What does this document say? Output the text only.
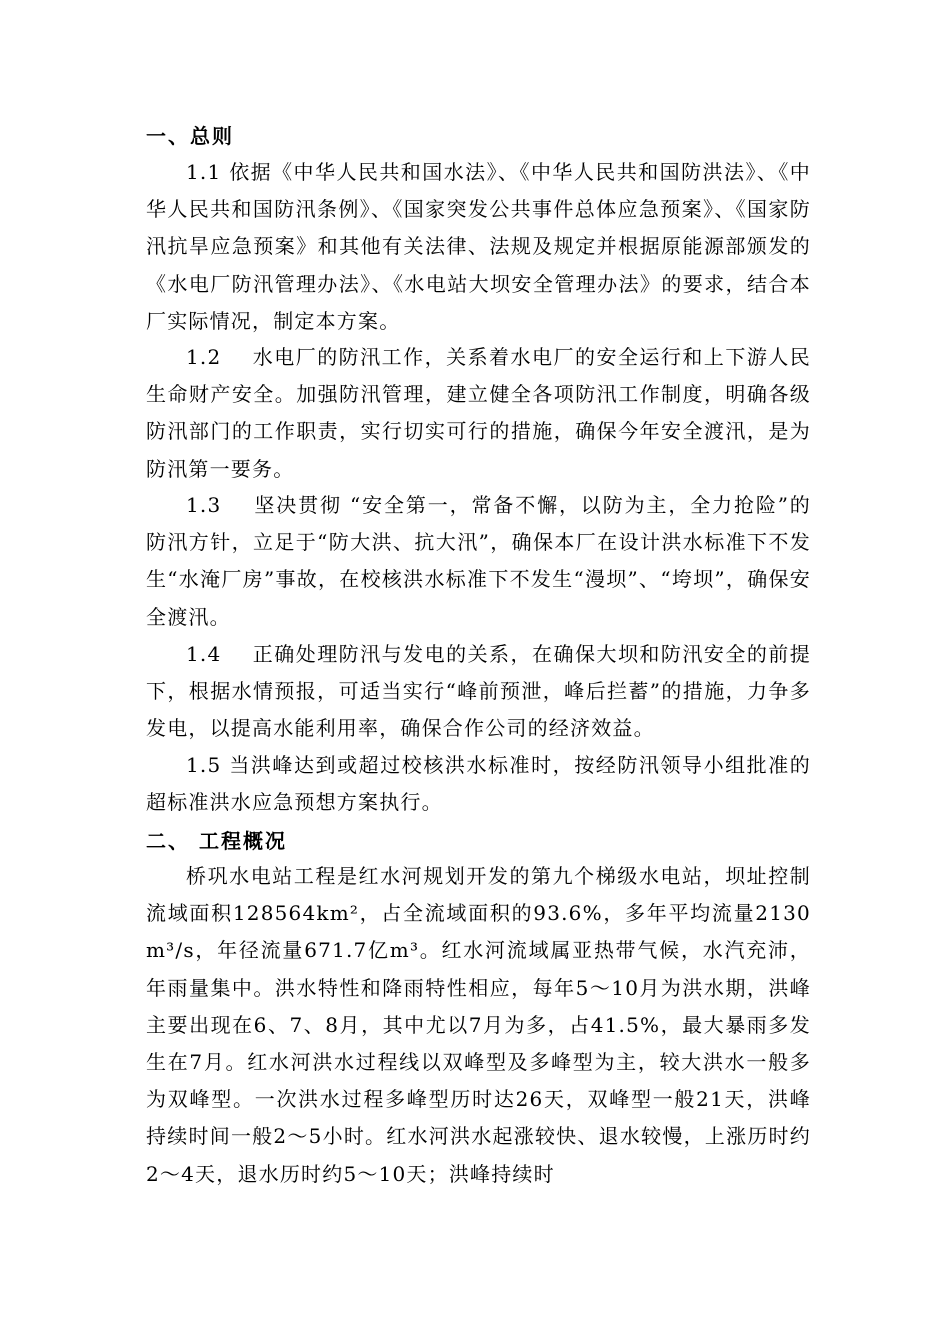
一、总则
1.1 依据《中华人民共和国水法》、《中华人民共和国防洪法》、《中华人民共和国防汛条例》、《国家突发公共事件总体应急预案》、《国家防汛抗旱应急预案》和其他有关法律、法规及规定并根据原能源部颁发的《水电厂防汛管理办法》、《水电站大坝安全管理办法》的要求，结合本厂实际情况，制定本方案。
1.2    水电厂的防汛工作，关系着水电厂的安全运行和上下游人民生命财产安全。加强防汛管理，建立健全各项防汛工作制度，明确各级防汛部门的工作职责，实行切实可行的措施，确保今年安全渡汛，是为防汛第一要务。
1.3    坚决贯彻 “安全第一，常备不懈，以防为主，全力抢险”的防汛方针，立足于“防大洪、抗大汛”，确保本厂在设计洪水标准下不发生“水淹厂房”事故，在校核洪水标准下不发生“漫坝”、“垮坝”，确保安全渡汛。
1.4    正确处理防汛与发电的关系，在确保大坝和防汛安全的前提下，根据水情预报，可适当实行“峰前预泄，峰后拦蓄”的措施，力争多发电，以提高水能利用率，确保合作公司的经济效益。
1.5 当洪峰达到或超过校核洪水标准时，按经防汛领导小组批准的超标准洪水应急预想方案执行。
二、 工程概况
桥巩水电站工程是红水河规划开发的第九个梯级水电站，坝址控制流域面积128564km²，占全流域面积的93.6%，多年平均流量2130 m³/s，年径流量671.7亿m³。红水河流域属亚热带气候，水汽充沛，年雨量集中。洪水特性和降雨特性相应，每年5～10月为洪水期，洪峰主要出现在6、7、8月，其中尤以7月为多，占41.5%，最大暴雨多发生在7月。红水河洪水过程线以双峰型及多峰型为主，较大洪水一般多为双峰型。一次洪水过程多峰型历时达26天，双峰型一般21天，洪峰持续时间一般2～5小时。红水河洪水起涨较快、退水较慢，上涨历时约2～4天，退水历时约5～10天；洪峰持续时
